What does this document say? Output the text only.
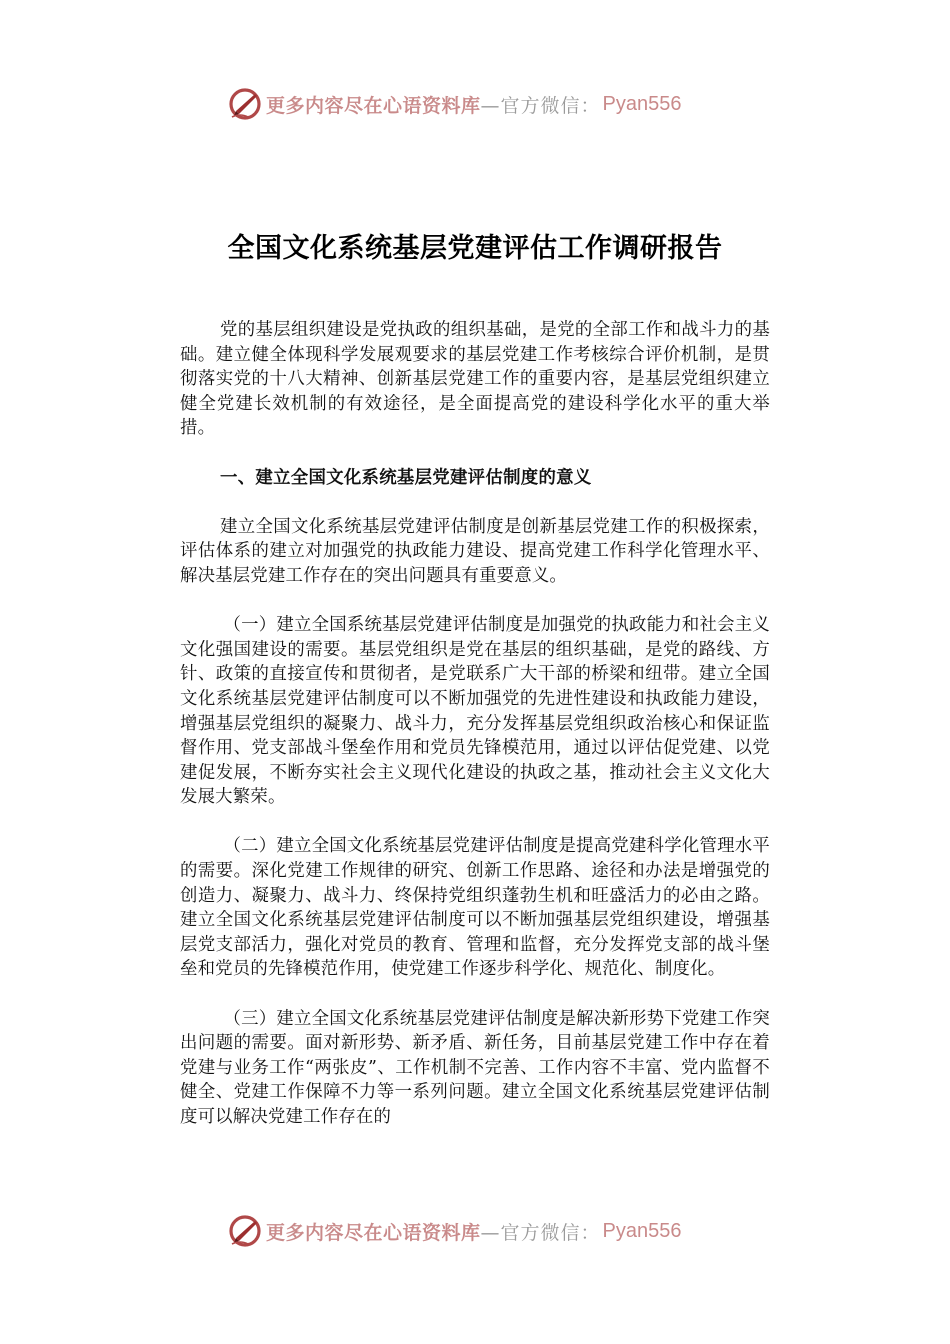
更多内容尽在心语资料库 —官方微信： Pyan556
全国文化系统基层党建评估工作调研报告

党的基层组织建设是党执政的组织基础，是党的全部工作和战斗力的基础。建立健全体现科学发展观要求的基层党建工作考核综合评价机制，是贯彻落实党的十八大精神、创新基层党建工作的重要内容，是基层党组织建立健全党建长效机制的有效途径，是全面提高党的建设科学化水平的重大举措。

一、建立全国文化系统基层党建评估制度的意义

建立全国文化系统基层党建评估制度是创新基层党建工作的积极探索，评估体系的建立对加强党的执政能力建设、提高党建工作科学化管理水平、解决基层党建工作存在的突出问题具有重要意义。

（一）建立全国系统基层党建评估制度是加强党的执政能力和社会主义文化强国建设的需要。基层党组织是党在基层的组织基础，是党的路线、方针、政策的直接宣传和贯彻者，是党联系广大干部的桥梁和纽带。建立全国文化系统基层党建评估制度可以不断加强党的先进性建设和执政能力建设，增强基层党组织的凝聚力、战斗力，充分发挥基层党组织政治核心和保证监督作用、党支部战斗堡垒作用和党员先锋模范用，通过以评估促党建、以党建促发展，不断夯实社会主义现代化建设的执政之基，推动社会主义文化大发展大繁荣。

（二）建立全国文化系统基层党建评估制度是提高党建科学化管理水平的需要。深化党建工作规律的研究、创新工作思路、途径和办法是增强党的创造力、凝聚力、战斗力、终保持党组织蓬勃生机和旺盛活力的必由之路。建立全国文化系统基层党建评估制度可以不断加强基层党组织建设，增强基层党支部活力，强化对党员的教育、管理和监督，充分发挥党支部的战斗堡垒和党员的先锋模范作用，使党建工作逐步科学化、规范化、制度化。

（三）建立全国文化系统基层党建评估制度是解决新形势下党建工作突出问题的需要。面对新形势、新矛盾、新任务，目前基层党建工作中存在着党建与业务工作“两张皮”、工作机制不完善、工作内容不丰富、党内监督不健全、党建工作保障不力等一系列问题。建立全国文化系统基层党建评估制度可以解决党建工作存在的

更多内容尽在心语资料库 —官方微信： Pyan556
